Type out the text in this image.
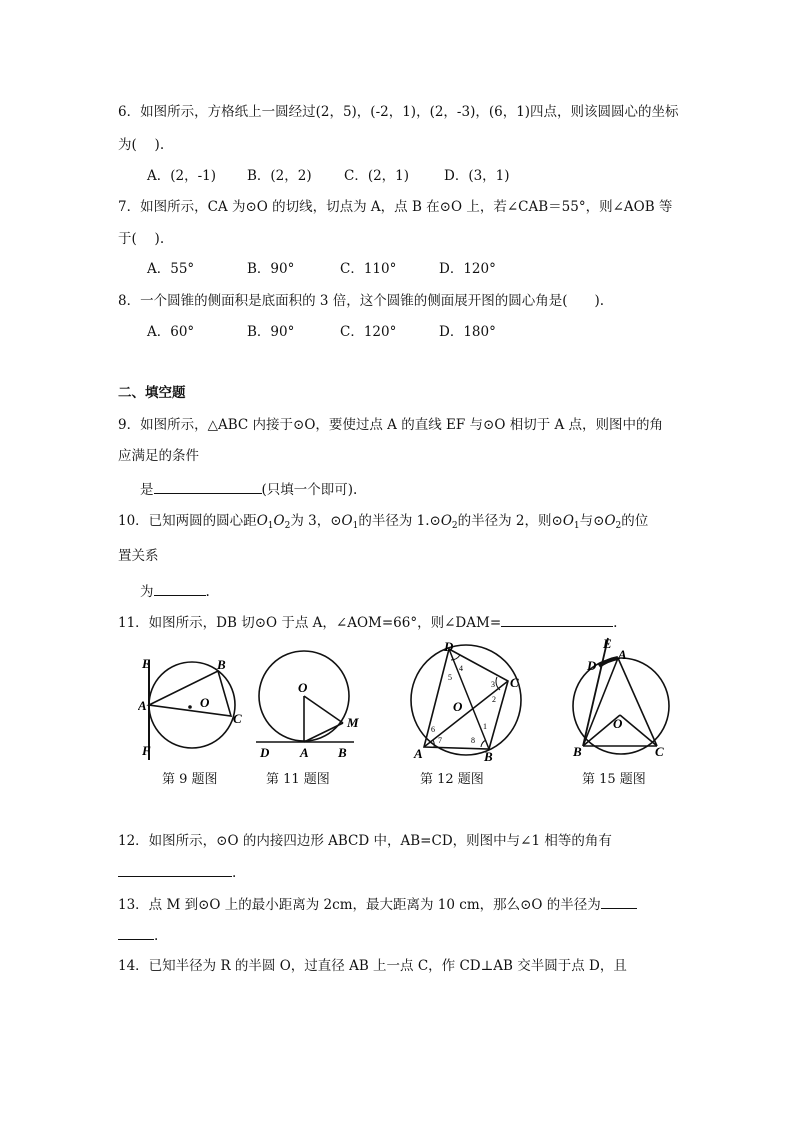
6．如图所示，方格纸上一圆经过(2，5)，(-2，1)，(2，-3)，(6，1)四点，则该圆圆心的坐标
为(　 ).
A．(2，-1) B．(2，2) C．(2，1)	D．(3，1)
7．如图所示，CA 为⊙O 的切线，切点为 A，点 B 在⊙O 上，若∠CAB＝55°，则∠AOB 等
于(　 ).
A．55°	B．90°	C．110°	D．120°
8．一个圆锥的侧面积是底面积的 3 倍，这个圆锥的侧面展开图的圆心角是(　　).
A．60°	B．90°	C．120°	D．180°
二、填空题
9．如图所示，△ABC 内接于⊙O，要使过点 A 的直线 EF 与⊙O 相切于 A 点，则图中的角
应满足的条件
是	(只填一个即可).
10．已知两圆的圆心距$O_1O_2$为 3，$⊙O_1$的半径为 $1.⊙O_2$的半径为 2，则$⊙O_1$与$⊙O_2$的位
置关系
为	.
11．如图所示，DB 切⊙O 于点 A，∠AOM=66°，则∠DAM=	.
E	B
A	O
C
F
O
M
D A B
D
C
O
A	B
1
2
3
4
5
6
7	8
E
D
A
O
B	C
第 9 题图	第 11 题图	第 12 题图	第 15 题图
12．如图所示，⊙O 的内接四边形 ABCD 中，AB=CD，则图中与∠1 相等的角有
.
13．点 M 到⊙O 上的最小距离为 2cm，最大距离为 10 cm，那么⊙O 的半径为
.
14．已知半径为 R 的半圆 O，过直径 AB 上一点 C，作 CD⊥AB 交半圆于点 D，且
